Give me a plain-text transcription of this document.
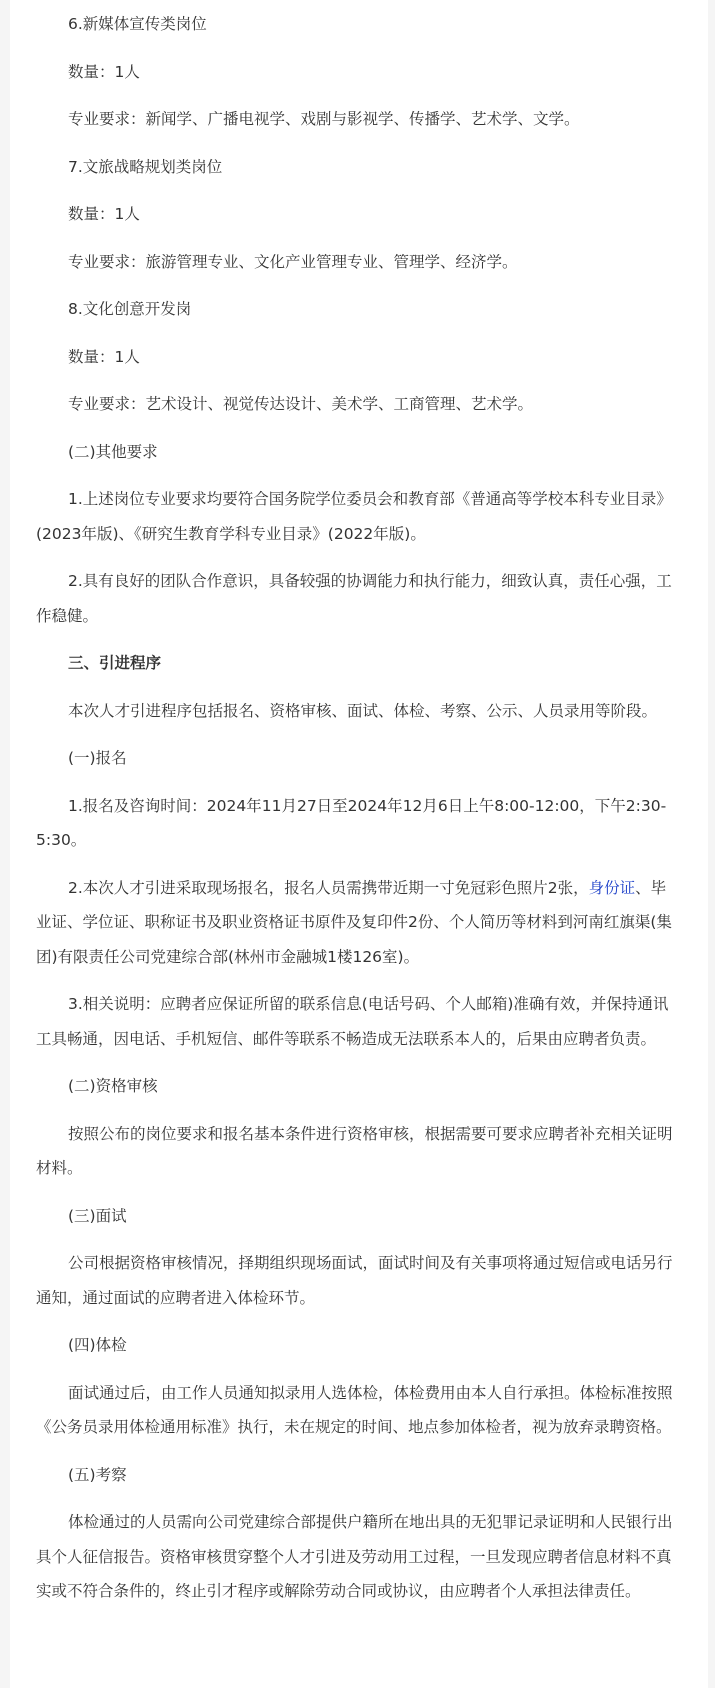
6.新媒体宣传类岗位

数量：1人

专业要求：新闻学、广播电视学、戏剧与影视学、传播学、艺术学、文学。

7.文旅战略规划类岗位

数量：1人

专业要求：旅游管理专业、文化产业管理专业、管理学、经济学。

8.文化创意开发岗

数量：1人

专业要求：艺术设计、视觉传达设计、美术学、工商管理、艺术学。

(二)其他要求

1.上述岗位专业要求均要符合国务院学位委员会和教育部《普通高等学校本科专业目录》(2023年版)、《研究生教育学科专业目录》(2022年版)。

2.具有良好的团队合作意识，具备较强的协调能力和执行能力，细致认真，责任心强，工作稳健。

三、引进程序

本次人才引进程序包括报名、资格审核、面试、体检、考察、公示、人员录用等阶段。

(一)报名

1.报名及咨询时间：2024年11月27日至2024年12月6日上午8:00-12:00，下午2:30-5:30。

2.本次人才引进采取现场报名，报名人员需携带近期一寸免冠彩色照片2张，身份证、毕业证、学位证、职称证书及职业资格证书原件及复印件2份、个人简历等材料到河南红旗渠(集团)有限责任公司党建综合部(林州市金融城1楼126室)。

3.相关说明：应聘者应保证所留的联系信息(电话号码、个人邮箱)准确有效，并保持通讯工具畅通，因电话、手机短信、邮件等联系不畅造成无法联系本人的，后果由应聘者负责。

(二)资格审核

按照公布的岗位要求和报名基本条件进行资格审核，根据需要可要求应聘者补充相关证明材料。

(三)面试

公司根据资格审核情况，择期组织现场面试，面试时间及有关事项将通过短信或电话另行通知，通过面试的应聘者进入体检环节。

(四)体检

面试通过后，由工作人员通知拟录用人选体检，体检费用由本人自行承担。体检标准按照《公务员录用体检通用标准》执行，未在规定的时间、地点参加体检者，视为放弃录聘资格。

(五)考察

体检通过的人员需向公司党建综合部提供户籍所在地出具的无犯罪记录证明和人民银行出具个人征信报告。资格审核贯穿整个人才引进及劳动用工过程，一旦发现应聘者信息材料不真实或不符合条件的，终止引才程序或解除劳动合同或协议，由应聘者个人承担法律责任。
